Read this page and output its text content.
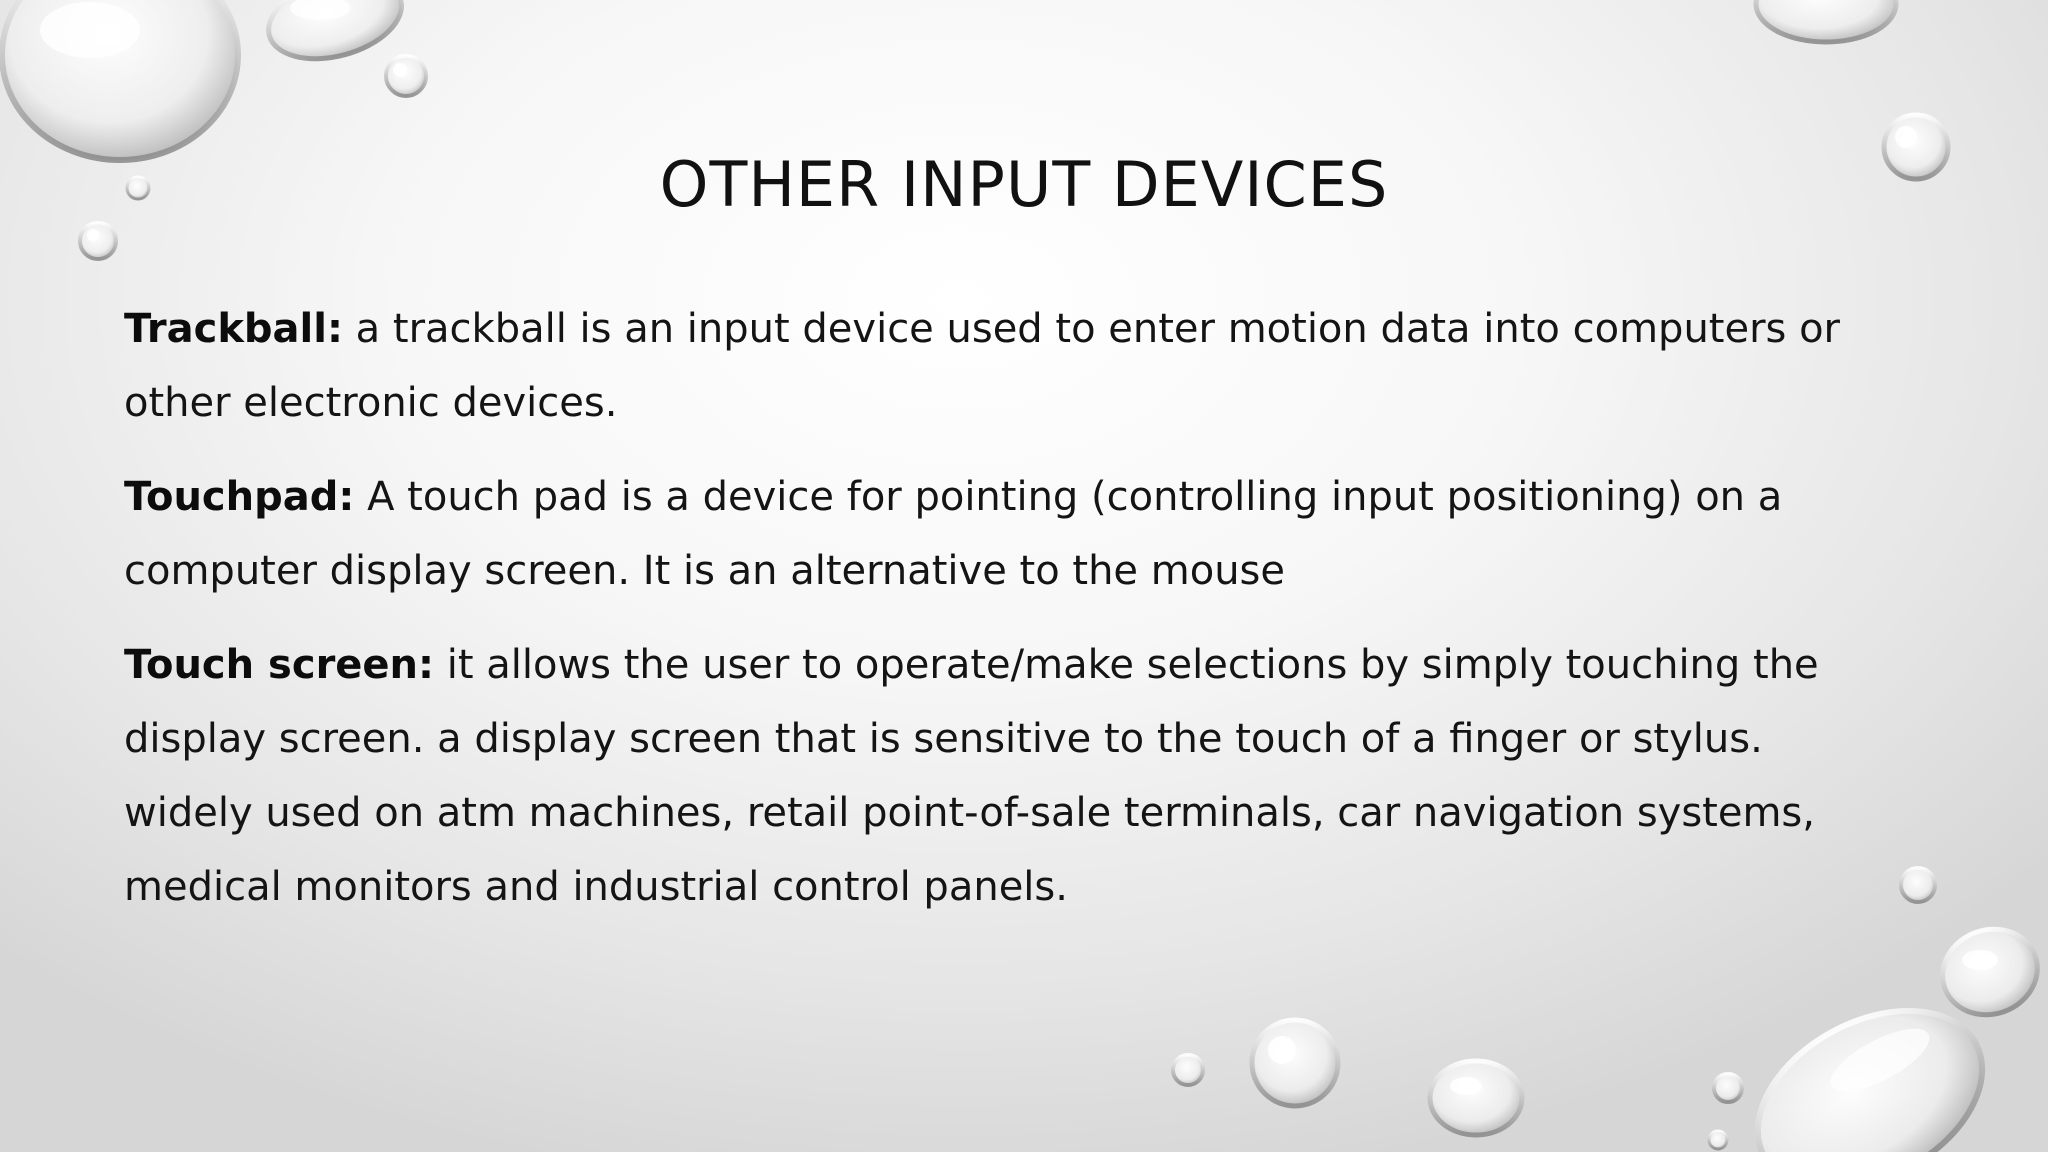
OTHER INPUT DEVICES

Trackball: a trackball is an input device used to enter motion data into computers or other electronic devices.

Touchpad: A touch pad is a device for pointing (controlling input positioning) on a computer display screen. It is an alternative to the mouse

Touch screen: it allows the user to operate/make selections by simply touching the display screen. a display screen that is sensitive to the touch of a finger or stylus. widely used on atm machines, retail point-of-sale terminals, car navigation systems, medical monitors and industrial control panels.
